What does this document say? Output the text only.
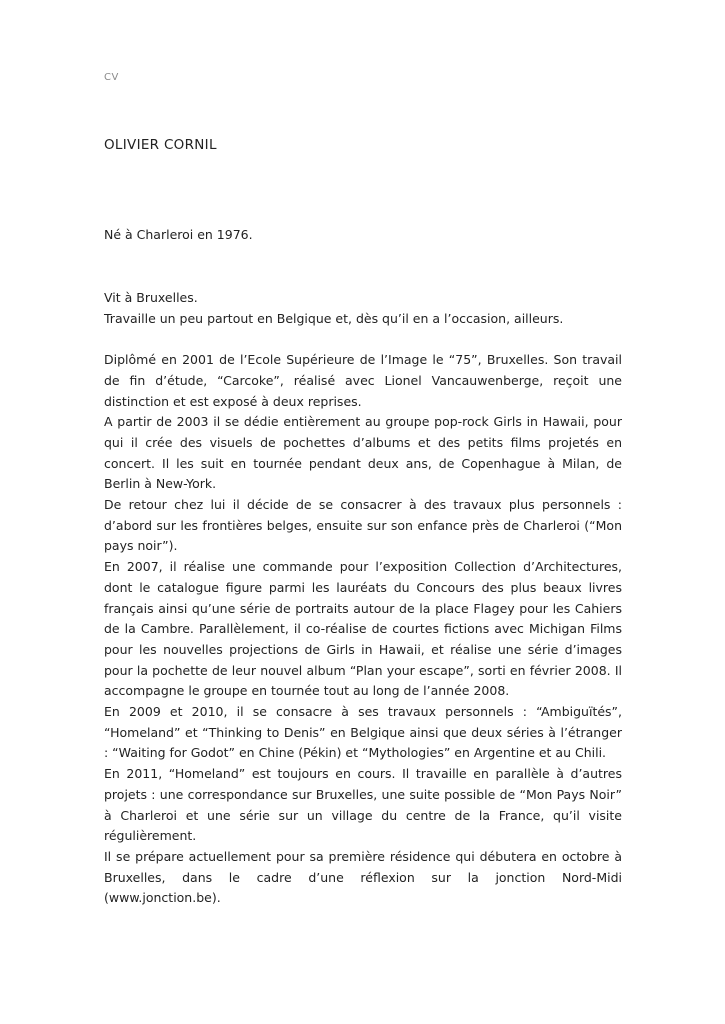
CV
OLIVIER CORNIL
Né à Charleroi en 1976.

Vit à Bruxelles.

Travaille un peu partout en Belgique et, dès qu’il en a l’occasion, ailleurs.

Diplômé en 2001 de l’Ecole Supérieure de l’Image le “75”, Bruxelles. Son travail de fin d’étude, “Carcoke”, réalisé avec Lionel Vancauwenberge, reçoit une distinction et est exposé à deux reprises.

A partir de 2003 il se dédie entièrement au groupe pop-rock Girls in Hawaii, pour qui il crée des visuels de pochettes d’albums et des petits films projetés en concert. Il les suit en tournée pendant deux ans, de Copenhague à Milan, de Berlin à New-York.

De retour chez lui il décide de se consacrer à des travaux plus personnels : d’abord sur les frontières belges, ensuite sur son enfance près de Charleroi (“Mon pays noir”).

En 2007, il réalise une commande pour l’exposition Collection d’Architectures, dont le catalogue figure parmi les lauréats du Concours des plus beaux livres français ainsi qu’une série de portraits autour de la place Flagey pour les Cahiers de la Cambre. Parallèlement, il co-réalise de courtes fictions avec Michigan Films pour les nouvelles projections de Girls in Hawaii, et réalise une série d’images pour la pochette de leur nouvel album “Plan your escape”, sorti en février 2008. Il accompagne le groupe en tournée tout au long de l’année 2008.

En 2009 et 2010, il se consacre à ses travaux personnels : “Ambiguïtés”, “Homeland” et “Thinking to Denis” en Belgique ainsi que deux séries à l’étranger : “Waiting for Godot” en Chine (Pékin) et “Mythologies” en Argentine et au Chili.

En 2011, “Homeland” est toujours en cours. Il travaille en parallèle à d’autres projets : une correspondance sur Bruxelles, une suite possible de “Mon Pays Noir” à Charleroi et une série sur un village du centre de la France, qu’il visite régulièrement.

Il se prépare actuellement pour sa première résidence qui débutera en octobre à Bruxelles, dans le cadre d’une réflexion sur la jonction Nord-Midi (www.jonction.be).
